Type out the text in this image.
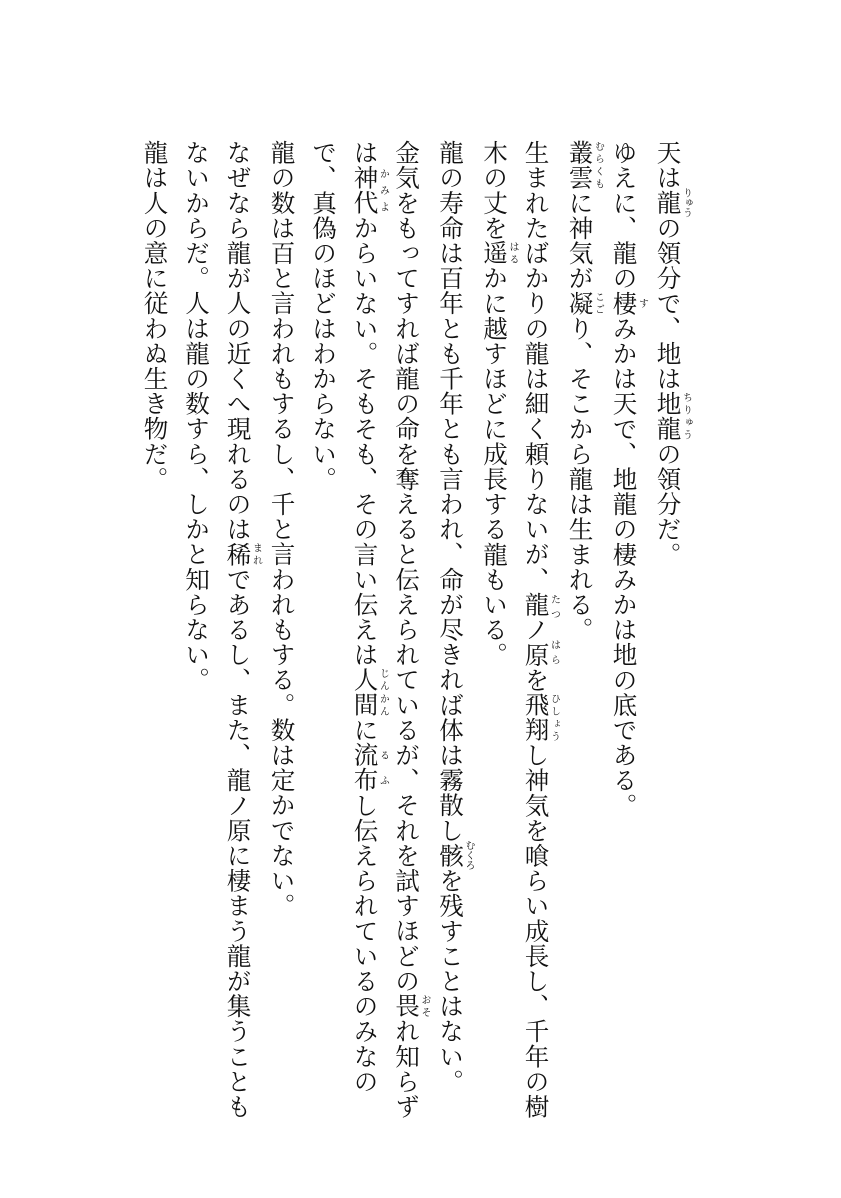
天は龍りゅうの領分で、地は地龍ちりゅうの領分だ。

ゆえに、龍の棲すみかは天で、地龍の棲みかは地の底である。

叢雲むらくもに神気が凝こごり、そこから龍は生まれる。

生まれたばかりの龍は細く頼りないが、龍ノ原たつ　はらを飛翔ひしょうし神気を喰らい成長し、千年の樹木の丈を遥はるかに越すほどに成長する龍もいる。

龍の寿命は百年とも千年とも言われ、命が尽きれば体は霧散し骸むくろを残すことはない。

金気をもってすれば龍の命を奪えると伝えられているが、それを試すほどの畏おそれ知らずは神代かみよからいない。そもそも、その言い伝えは人間じんかんに流布るふし伝えられているのみなので、真偽のほどはわからない。

龍の数は百と言われもするし、千と言われもする。数は定かでない。

なぜなら龍が人の近くへ現れるのは稀まれであるし、また、龍ノ原に棲まう龍が集うこともないからだ。人は龍の数すら、しかと知らない。

龍は人の意に従わぬ生き物だ。
